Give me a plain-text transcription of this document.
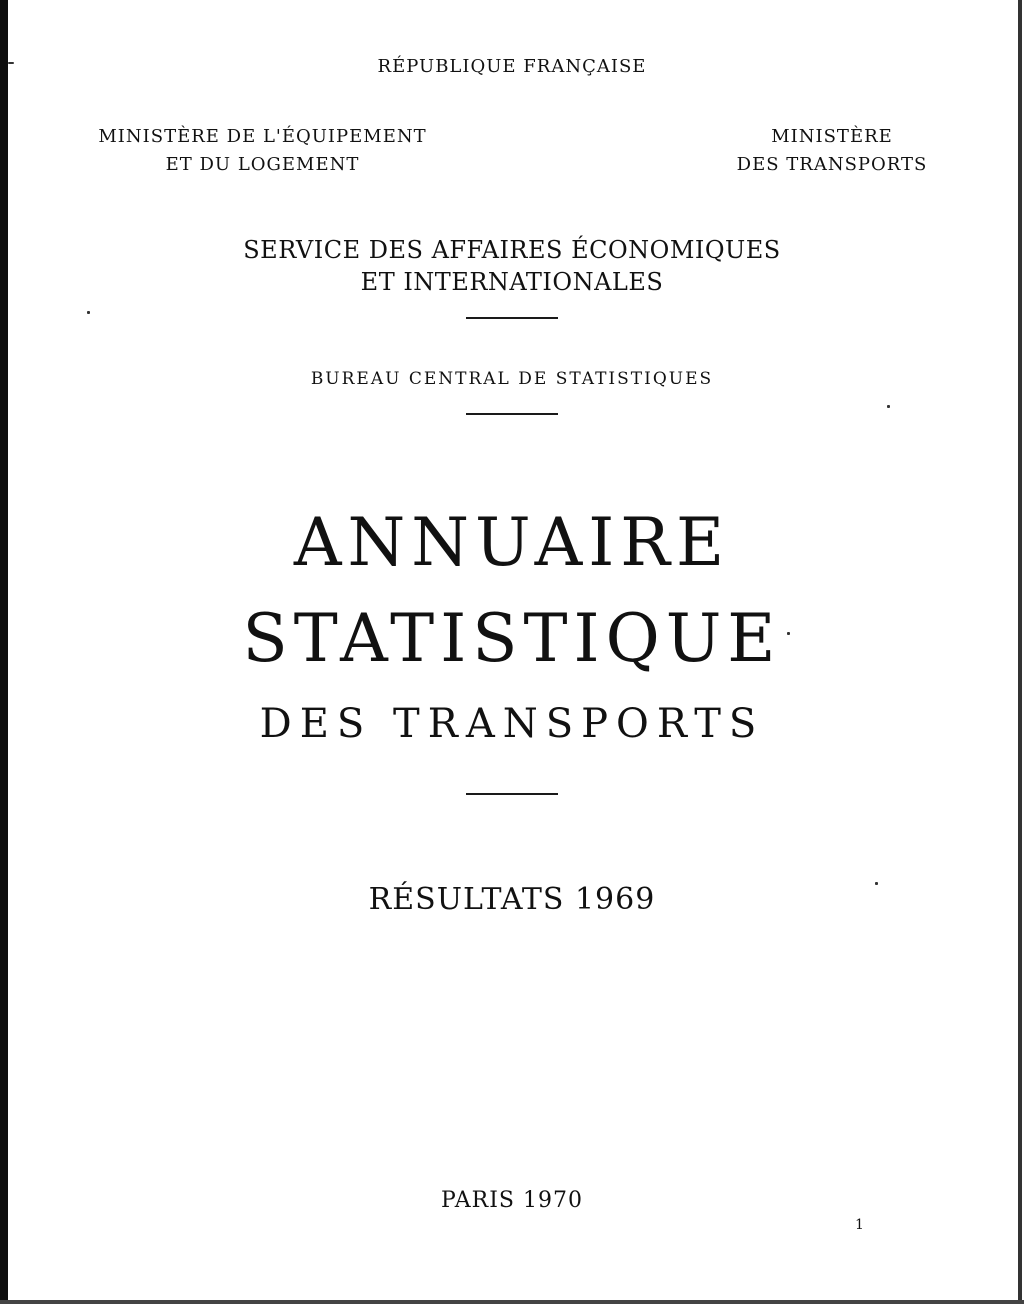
RÉPUBLIQUE FRANÇAISE

MINISTÈRE DE L'ÉQUIPEMENT

ET DU LOGEMENT

MINISTÈRE

DES TRANSPORTS

SERVICE DES AFFAIRES ÉCONOMIQUES

ET INTERNATIONALES

BUREAU CENTRAL DE STATISTIQUES

ANNUAIRE

STATISTIQUE

DES TRANSPORTS

RÉSULTATS 1969

PARIS 1970

1
